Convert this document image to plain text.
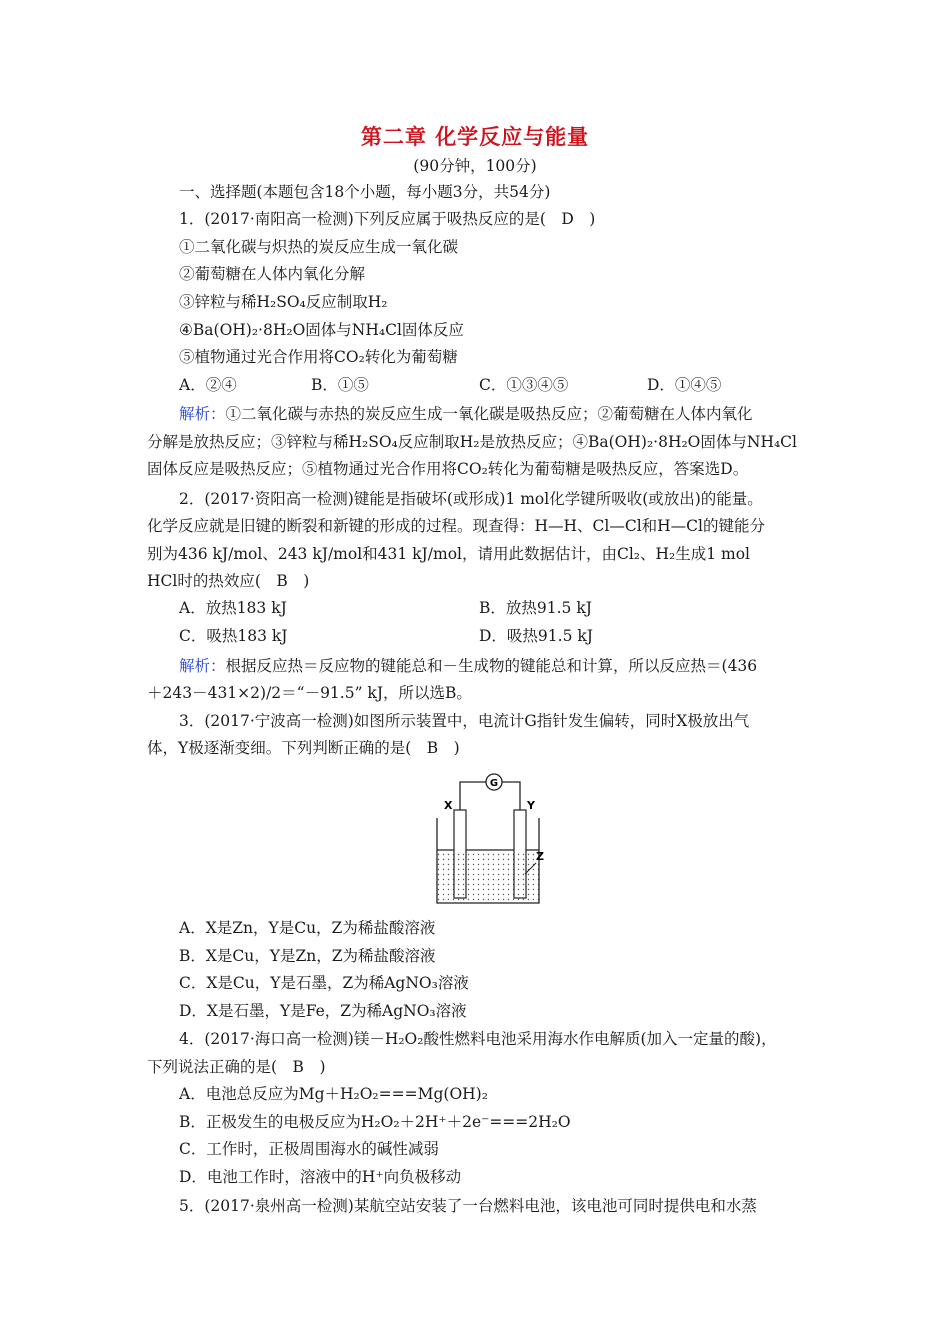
第二章 化学反应与能量
(90分钟，100分)
一、选择题(本题包含18个小题，每小题3分，共54分)
1．(2017·南阳高一检测)下列反应属于吸热反应的是(　D　)
①二氧化碳与炽热的炭反应生成一氧化碳
②葡萄糖在人体内氧化分解
③锌粒与稀H₂SO₄反应制取H₂
④Ba(OH)₂·8H₂O固体与NH₄Cl固体反应
⑤植物通过光合作用将CO₂转化为葡萄糖
A．②④	B．①⑤	C．①③④⑤	D．①④⑤
解析：①二氧化碳与赤热的炭反应生成一氧化碳是吸热反应；②葡萄糖在人体内氧化
分解是放热反应；③锌粒与稀H₂SO₄反应制取H₂是放热反应；④Ba(OH)₂·8H₂O固体与NH₄Cl
固体反应是吸热反应；⑤植物通过光合作用将CO₂转化为葡萄糖是吸热反应，答案选D。
2．(2017·资阳高一检测)键能是指破坏(或形成)1 mol化学键所吸收(或放出)的能量。
化学反应就是旧键的断裂和新键的形成的过程。现查得：H—H、Cl—Cl和H—Cl的键能分
别为436 kJ/mol、243 kJ/mol和431 kJ/mol，请用此数据估计，由Cl₂、H₂生成1 mol
HCl时的热效应(　B　)
A．放热183 kJ	B．放热91.5 kJ
C．吸热183 kJ	D．吸热91.5 kJ
解析：根据反应热＝反应物的键能总和－生成物的键能总和计算，所以反应热＝(436
＋243－431×2)/2＝“－91.5” kJ，所以选B。
3．(2017·宁波高一检测)如图所示装置中，电流计G指针发生偏转，同时X极放出气
体，Y极逐渐变细。下列判断正确的是(　B　)
G
X	Y
Z
A．X是Zn，Y是Cu，Z为稀盐酸溶液
B．X是Cu，Y是Zn，Z为稀盐酸溶液
C．X是Cu，Y是石墨，Z为稀AgNO₃溶液
D．X是石墨，Y是Fe，Z为稀AgNO₃溶液
4．(2017·海口高一检测)镁－H₂O₂酸性燃料电池采用海水作电解质(加入一定量的酸)，
下列说法正确的是(　B　)
A．电池总反应为Mg＋H₂O₂===Mg(OH)₂
B．正极发生的电极反应为H₂O₂＋2H⁺＋2e⁻===2H₂O
C．工作时，正极周围海水的碱性减弱
D．电池工作时，溶液中的H⁺向负极移动
5．(2017·泉州高一检测)某航空站安装了一台燃料电池，该电池可同时提供电和水蒸
